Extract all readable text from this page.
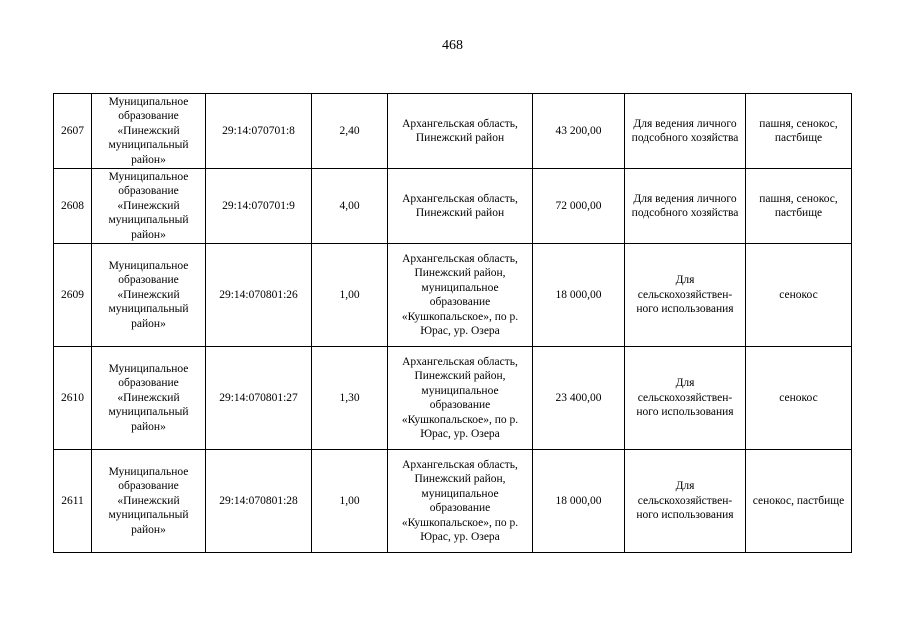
468
2607	Муниципальное образование «Пинежский муниципальный район»	29:14:070701:8	2,40	Архангельская область, Пинежский район	43 200,00	Для ведения личного подсобного хозяйства	пашня, сенокос, пастбище
2608	Муниципальное образование «Пинежский муниципальный район»	29:14:070701:9	4,00	Архангельская область, Пинежский район	72 000,00	Для ведения личного подсобного хозяйства	пашня, сенокос, пастбище
2609	Муниципальное образование «Пинежский муниципальный район»	29:14:070801:26	1,00	Архангельская область, Пинежский район, муниципальное образование «Кушкопальское», по р. Юрас, ур. Озера	18 000,00	Для сельскохозяйствен-ного использования	сенокос
2610	Муниципальное образование «Пинежский муниципальный район»	29:14:070801:27	1,30	Архангельская область, Пинежский район, муниципальное образование «Кушкопальское», по р. Юрас, ур. Озера	23 400,00	Для сельскохозяйствен-ного использования	сенокос
2611	Муниципальное образование «Пинежский муниципальный район»	29:14:070801:28	1,00	Архангельская область, Пинежский район, муниципальное образование «Кушкопальское», по р. Юрас, ур. Озера	18 000,00	Для сельскохозяйствен-ного использования	сенокос, пастбище
